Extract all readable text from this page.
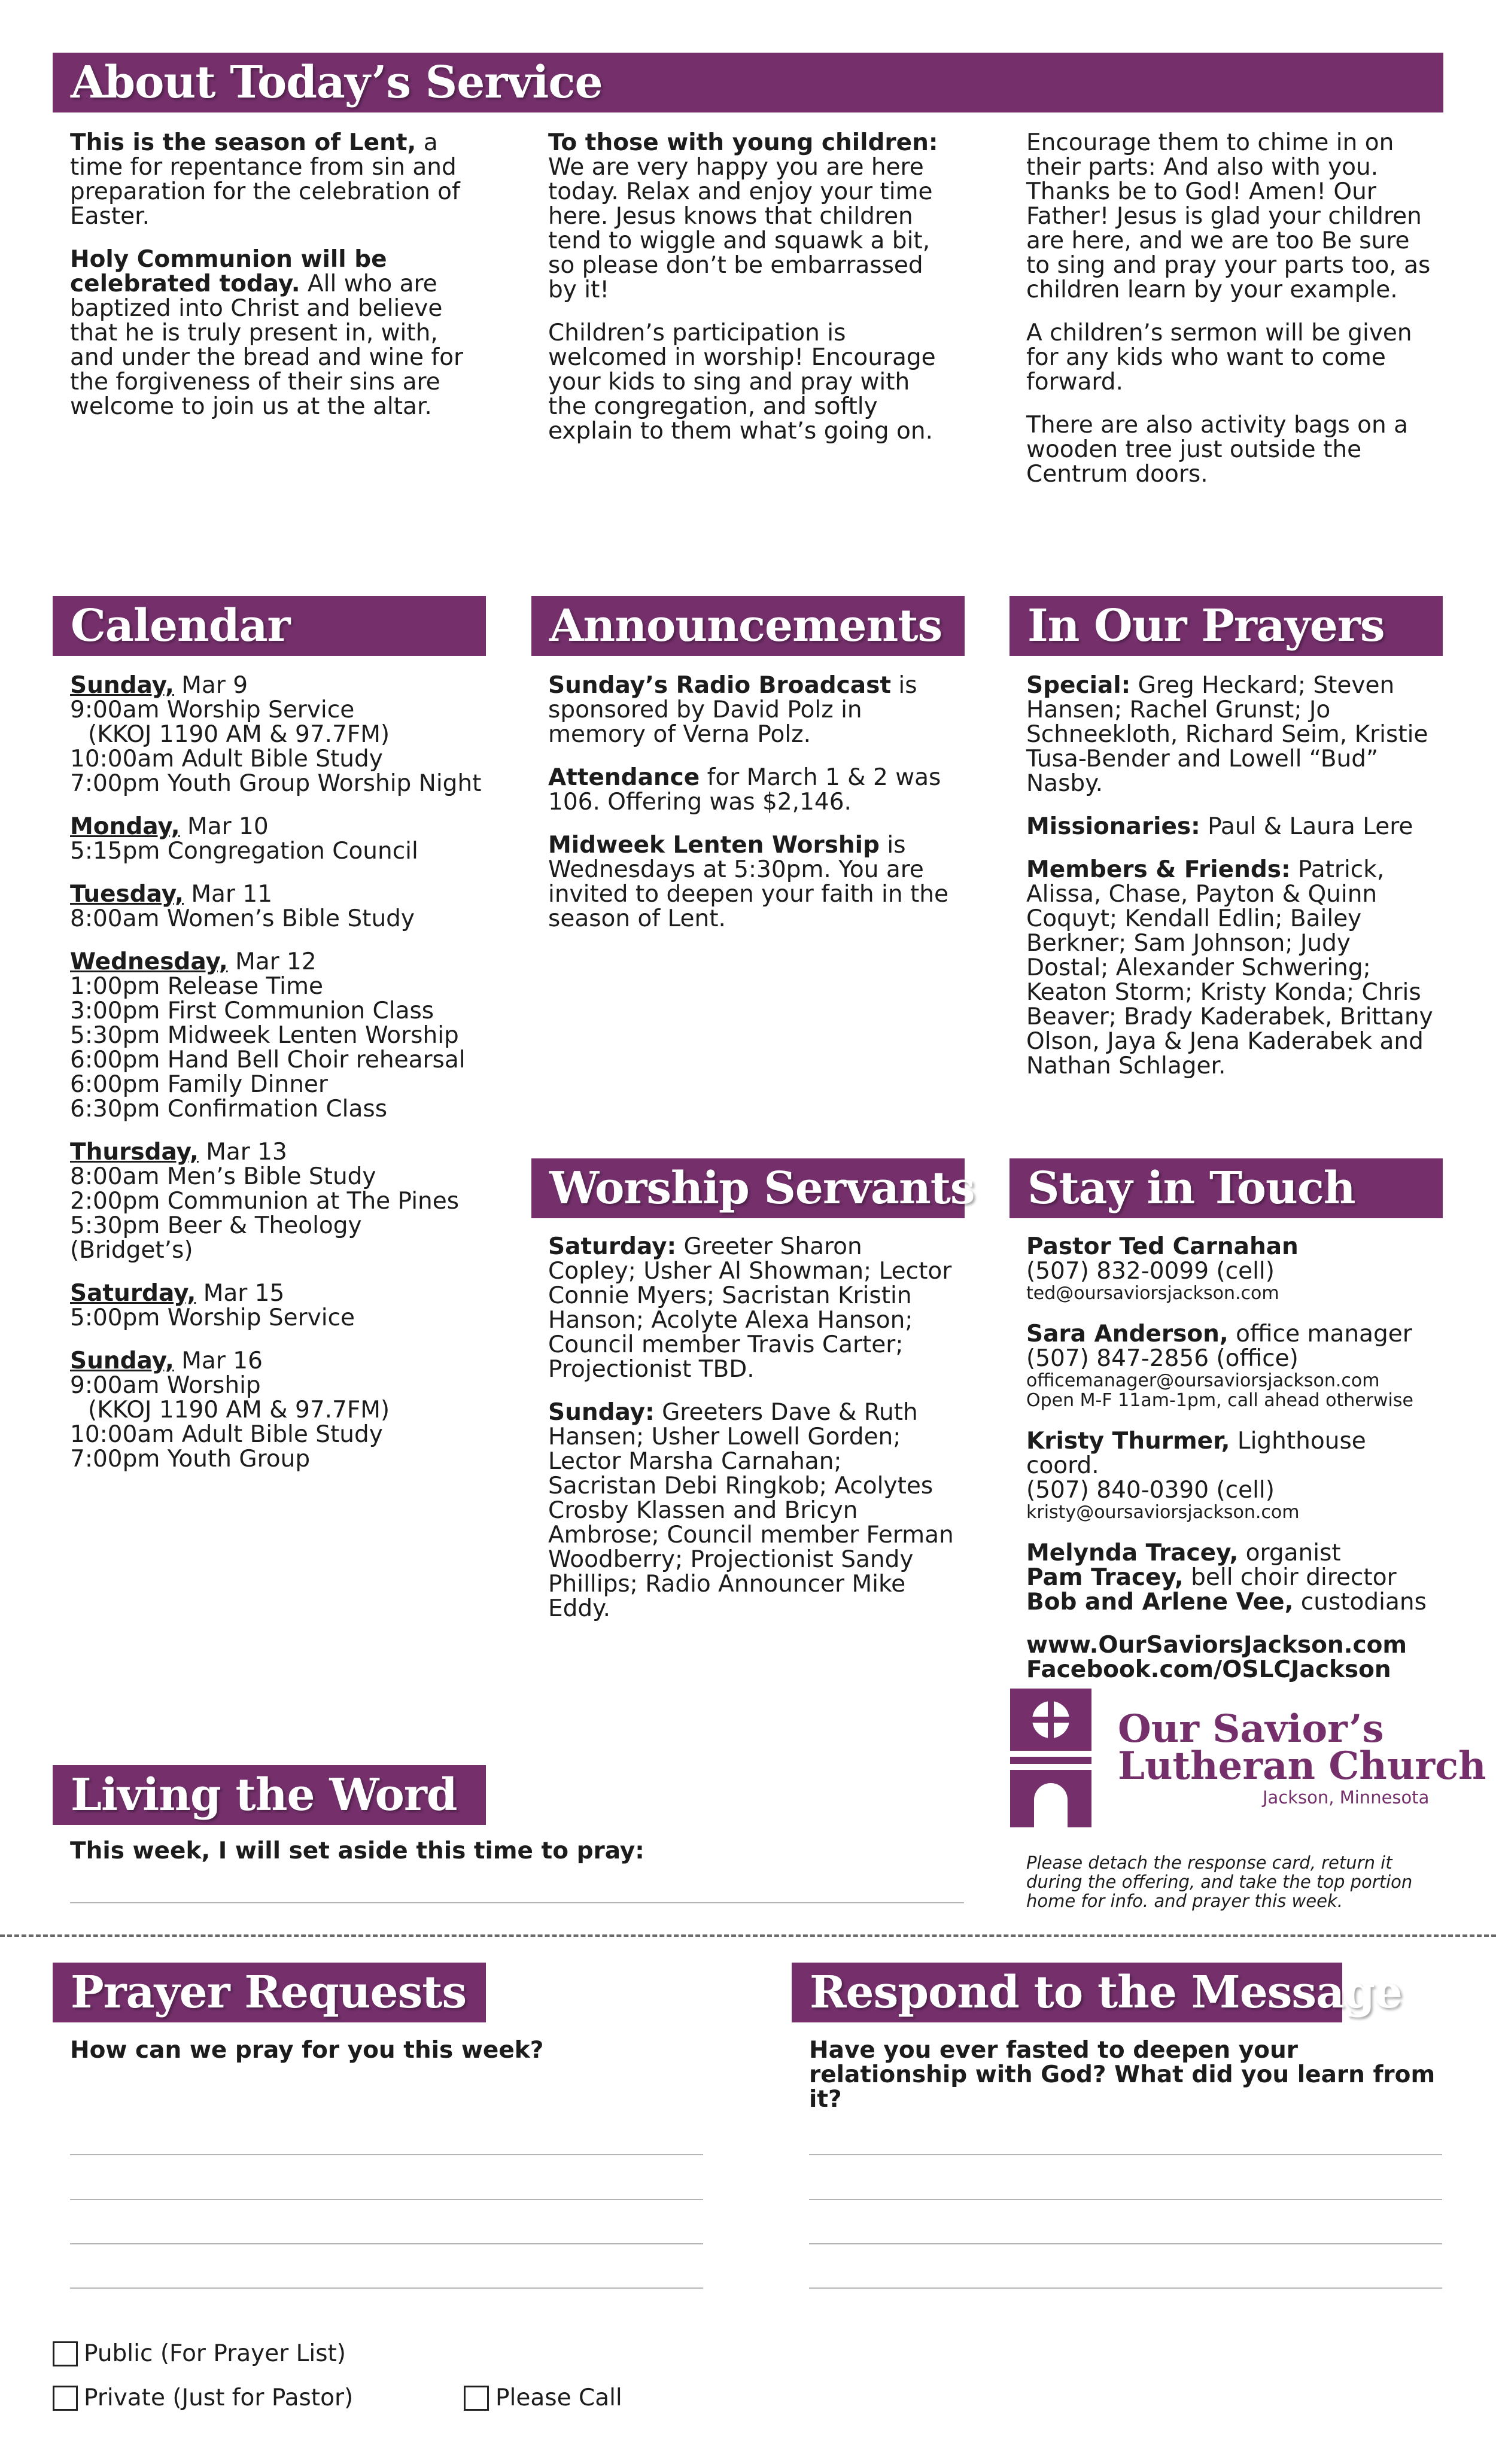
About Today’s Service

This is the season of Lent, a time for repentance from sin and preparation for the celebration of Easter.

Holy Communion will be celebrated today. All who are baptized into Christ and believe that he is truly present in, with, and under the bread and wine for the forgiveness of their sins are welcome to join us at the altar.

To those with young children: We are very happy you are here today. Relax and enjoy your time here. Jesus knows that children tend to wiggle and squawk a bit, so please don’t be embarrassed by it!

Children’s participation is welcomed in worship! Encourage your kids to sing and pray with the congregation, and softly explain to them what’s going on.

Encourage them to chime in on their parts: And also with you. Thanks be to God! Amen! Our Father! Jesus is glad your children are here, and we are too Be sure to sing and pray your parts too, as children learn by your example.

A children’s sermon will be given for any kids who want to come forward.

There are also activity bags on a wooden tree just outside the Centrum doors.

Calendar

Sunday, Mar 9
9:00am Worship Service
(KKOJ 1190 AM & 97.7FM)
10:00am Adult Bible Study
7:00pm Youth Group Worship Night

Monday, Mar 10
5:15pm Congregation Council

Tuesday, Mar 11
8:00am Women’s Bible Study

Wednesday, Mar 12
1:00pm Release Time
3:00pm First Communion Class
5:30pm Midweek Lenten Worship
6:00pm Hand Bell Choir rehearsal
6:00pm Family Dinner
6:30pm Confirmation Class

Thursday, Mar 13
8:00am Men’s Bible Study
2:00pm Communion at The Pines
5:30pm Beer & Theology (Bridget’s)

Saturday, Mar 15
5:00pm Worship Service

Sunday, Mar 16
9:00am Worship
(KKOJ 1190 AM & 97.7FM)
10:00am Adult Bible Study
7:00pm Youth Group

Announcements

Sunday’s Radio Broadcast is sponsored by David Polz in memory of Verna Polz.

Attendance for March 1 & 2 was 106. Offering was $2,146.

Midweek Lenten Worship is Wednesdays at 5:30pm. You are invited to deepen your faith in the season of Lent.

In Our Prayers

Special: Greg Heckard; Steven Hansen; Rachel Grunst; Jo Schneekloth, Richard Seim, Kristie Tusa-Bender and Lowell “Bud” Nasby.

Missionaries: Paul & Laura Lere

Members & Friends: Patrick, Alissa, Chase, Payton & Quinn Coquyt; Kendall Edlin; Bailey Berkner; Sam Johnson; Judy Dostal; Alexander Schwering; Keaton Storm; Kristy Konda; Chris Beaver; Brady Kaderabek, Brittany Olson, Jaya & Jena Kaderabek and Nathan Schlager.

Worship Servants

Saturday: Greeter Sharon Copley; Usher Al Showman; Lector Connie Myers; Sacristan Kristin Hanson; Acolyte Alexa Hanson; Council member Travis Carter; Projectionist TBD.

Sunday: Greeters Dave & Ruth Hansen; Usher Lowell Gorden; Lector Marsha Carnahan; Sacristan Debi Ringkob; Acolytes Crosby Klassen and Bricyn Ambrose; Council member Ferman Woodberry; Projectionist Sandy Phillips; Radio Announcer Mike Eddy.

Stay in Touch
Pastor Ted Carnahan
(507) 832-0099 (cell)
ted@oursaviorsjackson.com
Sara Anderson, office manager
(507) 847-2856 (office)
officemanager@oursaviorsjackson.com
Open M-F 11am-1pm, call ahead otherwise
Kristy Thurmer, Lighthouse coord.
(507) 840-0390 (cell)
kristy@oursaviorsjackson.com
Melynda Tracey, organist
Pam Tracey, bell choir director
Bob and Arlene Vee, custodians
www.OurSaviorsJackson.com
Facebook.com/OSLCJackson
Our Savior’s
Lutheran Church
Jackson, Minnesota
Please detach the response card, return it during the offering, and take the top portion home for info. and prayer this week.
Living the Word
This week, I will set aside this time to pray:
Prayer Requests
How can we pray for you this week?
Respond to the Message
Have you ever fasted to deepen your relationship with God? What did you learn from it?
Public (For Prayer List)
Private (Just for Pastor)	Please Call
